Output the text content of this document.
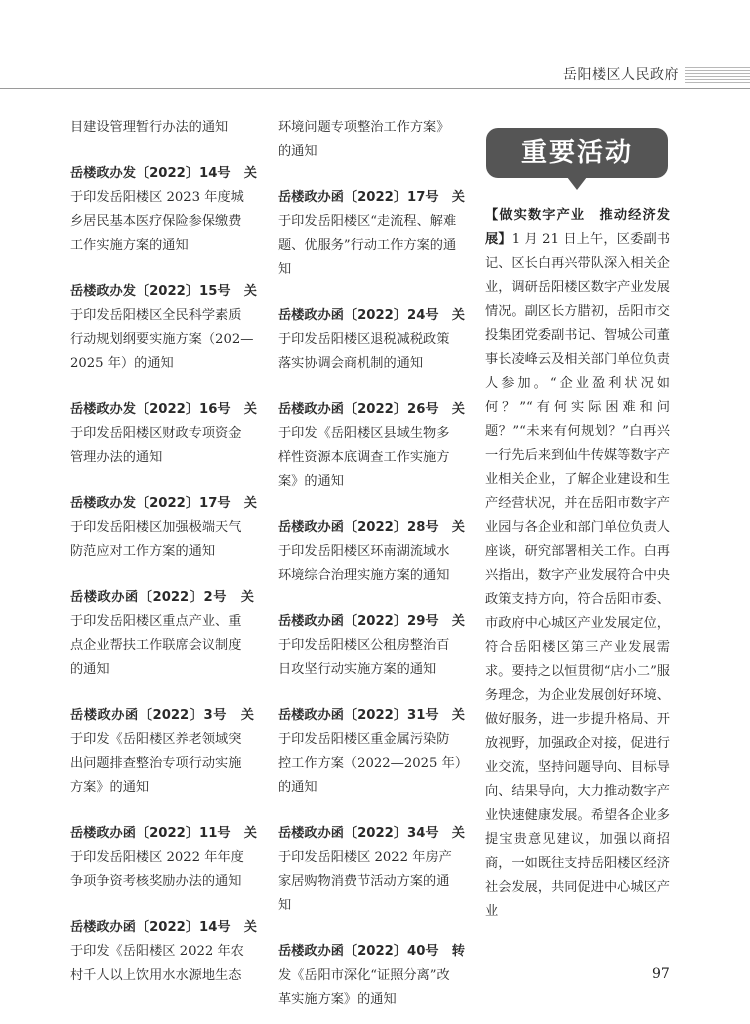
岳阳楼区人民政府

目建设管理暂行办法的通知

岳楼政办发〔2022〕14号　关

于印发岳阳楼区 2023 年度城乡居民基本医疗保险参保缴费工作实施方案的通知

岳楼政办发〔2022〕15号　关

于印发岳阳楼区全民科学素质行动规划纲要实施方案（202—2025 年）的通知

岳楼政办发〔2022〕16号　关

于印发岳阳楼区财政专项资金管理办法的通知

岳楼政办发〔2022〕17号　关

于印发岳阳楼区加强极端天气防范应对工作方案的通知

岳楼政办函〔2022〕2号　关

于印发岳阳楼区重点产业、重点企业帮扶工作联席会议制度的通知

岳楼政办函〔2022〕3号　关

于印发《岳阳楼区养老领域突出问题排查整治专项行动实施方案》的通知

岳楼政办函〔2022〕11号　关

于印发岳阳楼区 2022 年年度争项争资考核奖励办法的通知

岳楼政办函〔2022〕14号　关

于印发《岳阳楼区 2022 年农村千人以上饮用水水源地生态

环境问题专项整治工作方案》的通知

岳楼政办函〔2022〕17号　关

于印发岳阳楼区“走流程、解难题、优服务”行动工作方案的通知

岳楼政办函〔2022〕24号　关

于印发岳阳楼区退税减税政策落实协调会商机制的通知

岳楼政办函〔2022〕26号　关

于印发《岳阳楼区县域生物多样性资源本底调查工作实施方案》的通知

岳楼政办函〔2022〕28号　关

于印发岳阳楼区环南湖流域水环境综合治理实施方案的通知

岳楼政办函〔2022〕29号　关

于印发岳阳楼区公租房整治百日攻坚行动实施方案的通知

岳楼政办函〔2022〕31号　关

于印发岳阳楼区重金属污染防控工作方案（2022—2025 年）的通知

岳楼政办函〔2022〕34号　关

于印发岳阳楼区 2022 年房产家居购物消费节活动方案的通知

岳楼政办函〔2022〕40号　转

发《岳阳市深化“证照分离”改革实施方案》的通知

重要活动
【做实数字产业　推动经济发展】1 月 21 日上午，区委副书记、区长白再兴带队深入相关企业，调研岳阳楼区数字产业发展情况。副区长方腊初，岳阳市交投集团党委副书记、智城公司董事长凌峰云及相关部门单位负责人参加。“企业盈利状况如何？”“有何实际困难和问题？”“未来有何规划？”白再兴一行先后来到仙牛传媒等数字产业相关企业，了解企业建设和生产经营状况，并在岳阳市数字产业园与各企业和部门单位负责人座谈，研究部署相关工作。白再兴指出，数字产业发展符合中央政策支持方向，符合岳阳市委、市政府中心城区产业发展定位，符合岳阳楼区第三产业发展需求。要持之以恒贯彻“店小二”服务理念，为企业发展创好环境、做好服务，进一步提升格局、开放视野，加强政企对接，促进行业交流，坚持问题导向、目标导向、结果导向，大力推动数字产业快速健康发展。希望各企业多提宝贵意见建议，加强以商招商，一如既往支持岳阳楼区经济社会发展，共同促进中心城区产业
97
